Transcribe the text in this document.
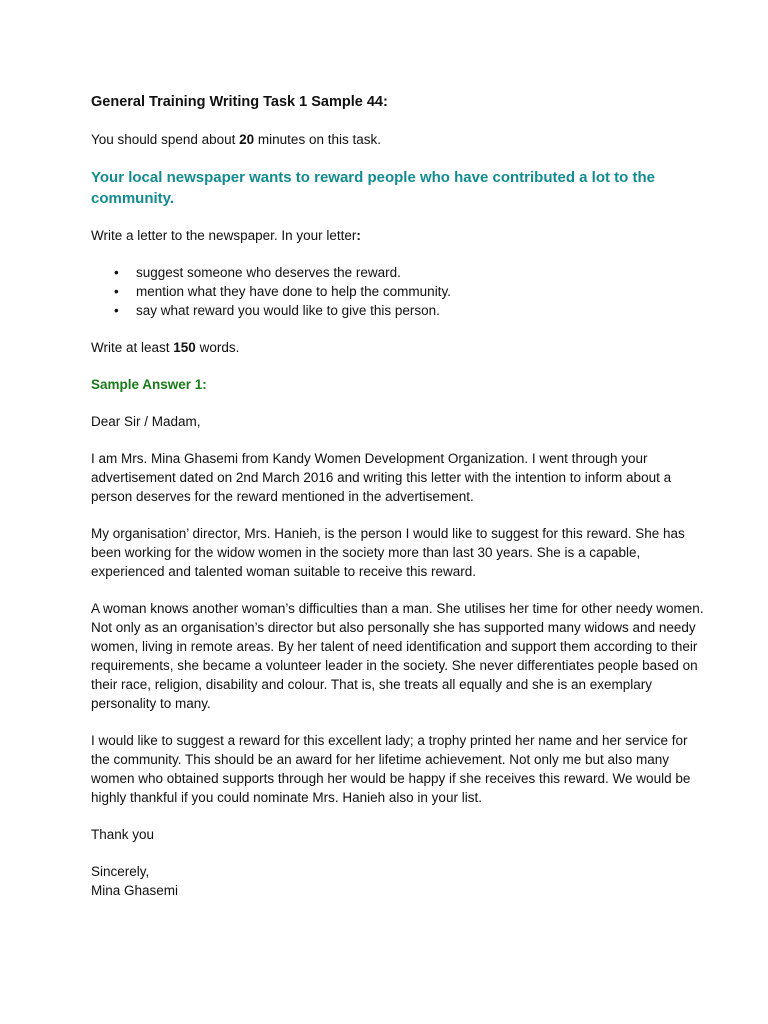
General Training Writing Task 1 Sample 44:
You should spend about 20 minutes on this task.
Your local newspaper wants to reward people who have contributed a lot to the community.
Write a letter to the newspaper. In your letter:
• suggest someone who deserves the reward.
• mention what they have done to help the community.
• say what reward you would like to give this person.
Write at least 150 words.
Sample Answer 1:
Dear Sir / Madam,
I am Mrs. Mina Ghasemi from Kandy Women Development Organization. I went through your advertisement dated on 2nd March 2016 and writing this letter with the intention to inform about a person deserves for the reward mentioned in the advertisement.
My organisation’ director, Mrs. Hanieh, is the person I would like to suggest for this reward. She has been working for the widow women in the society more than last 30 years. She is a capable, experienced and talented woman suitable to receive this reward.
A woman knows another woman’s difficulties than a man. She utilises her time for other needy women. Not only as an organisation’s director but also personally she has supported many widows and needy women, living in remote areas. By her talent of need identification and support them according to their requirements, she became a volunteer leader in the society. She never differentiates people based on their race, religion, disability and colour. That is, she treats all equally and she is an exemplary personality to many.
I would like to suggest a reward for this excellent lady; a trophy printed her name and her service for the community. This should be an award for her lifetime achievement. Not only me but also many women who obtained supports through her would be happy if she receives this reward. We would be highly thankful if you could nominate Mrs. Hanieh also in your list.
Thank you
Sincerely,
Mina Ghasemi
